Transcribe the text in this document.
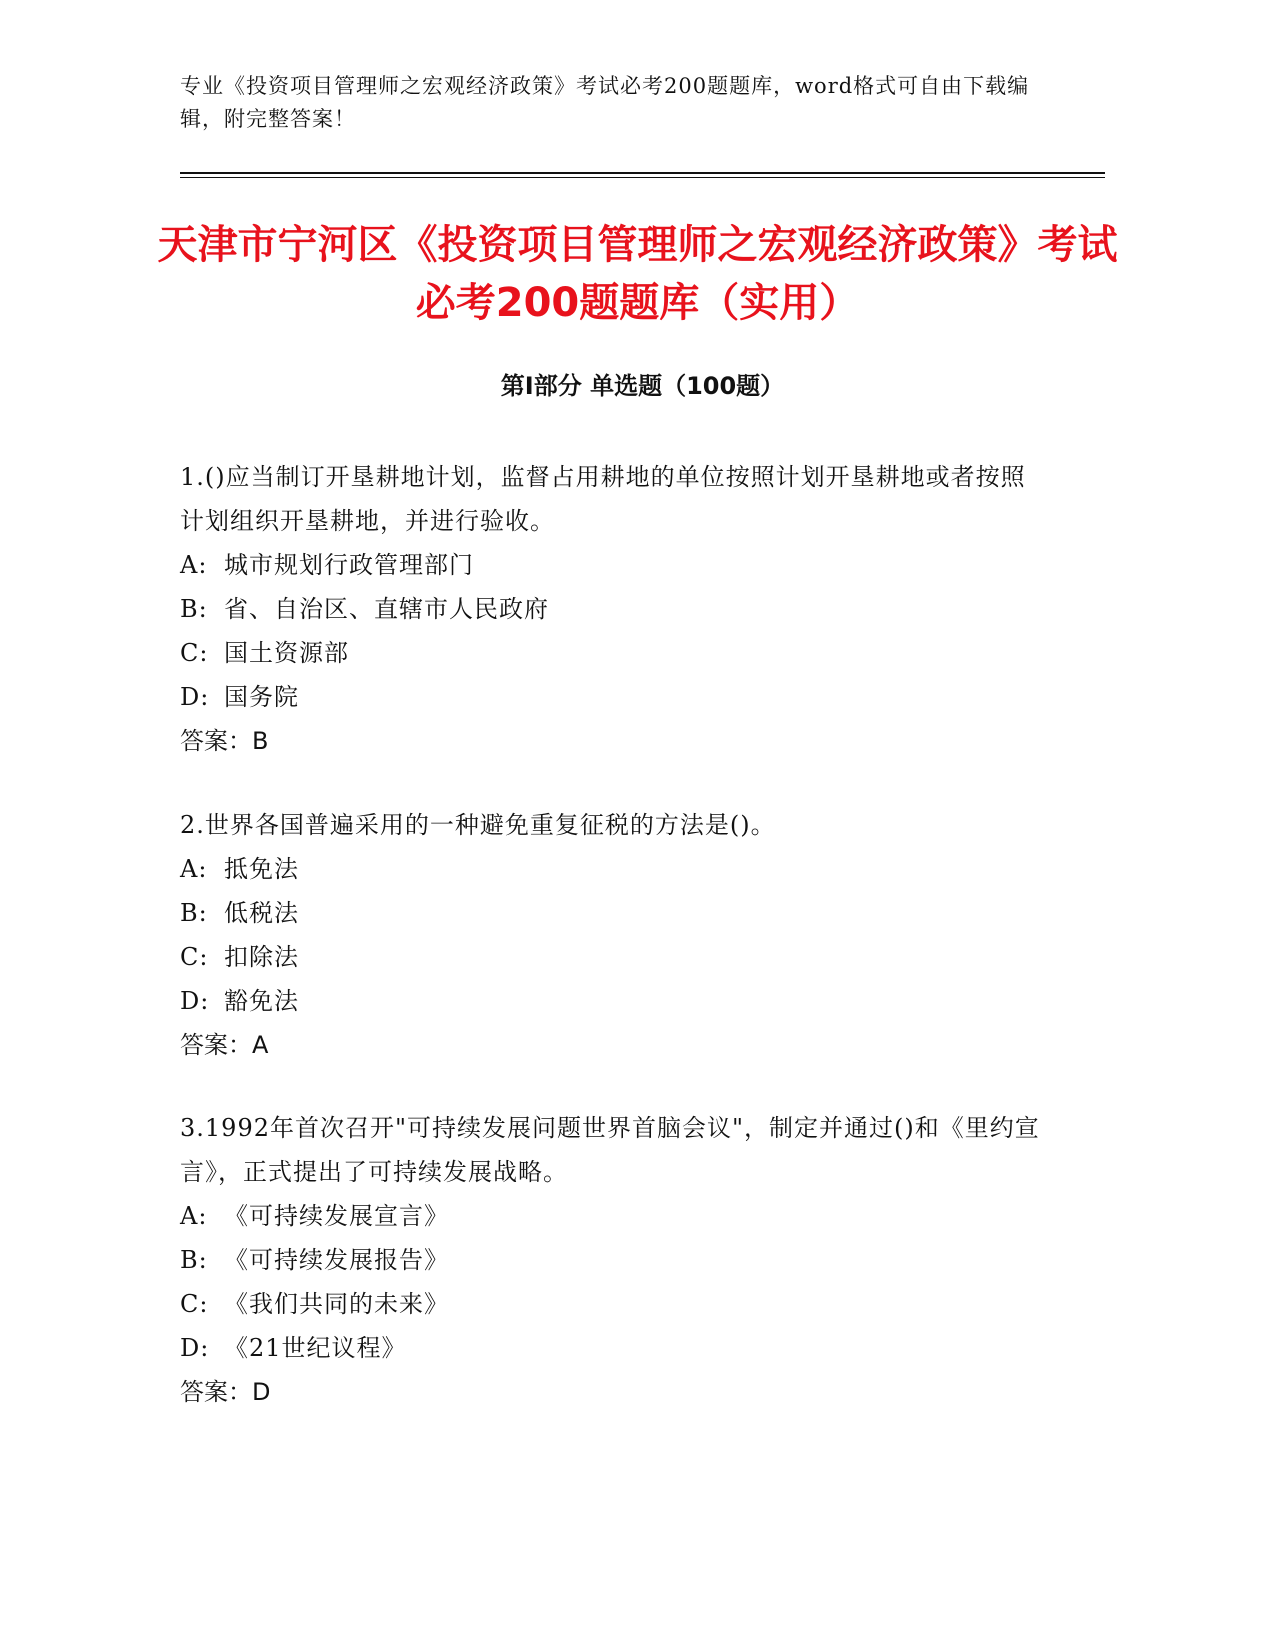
专业《投资项目管理师之宏观经济政策》考试必考200题题库，word格式可自由下载编辑，附完整答案！
天津市宁河区《投资项目管理师之宏观经济政策》考试必考200题题库（实用）
第Ⅰ部分 单选题（100题）
1.()应当制订开垦耕地计划，监督占用耕地的单位按照计划开垦耕地或者按照计划组织开垦耕地，并进行验收。
A: 城市规划行政管理部门
B: 省、自治区、直辖市人民政府
C: 国土资源部
D: 国务院
答案：B
2.世界各国普遍采用的一种避免重复征税的方法是()。
A: 抵免法
B: 低税法
C: 扣除法
D: 豁免法
答案：A
3.1992年首次召开"可持续发展问题世界首脑会议"，制定并通过()和《里约宣言》，正式提出了可持续发展战略。
A: 《可持续发展宣言》
B: 《可持续发展报告》
C: 《我们共同的未来》
D: 《21世纪议程》
答案：D
